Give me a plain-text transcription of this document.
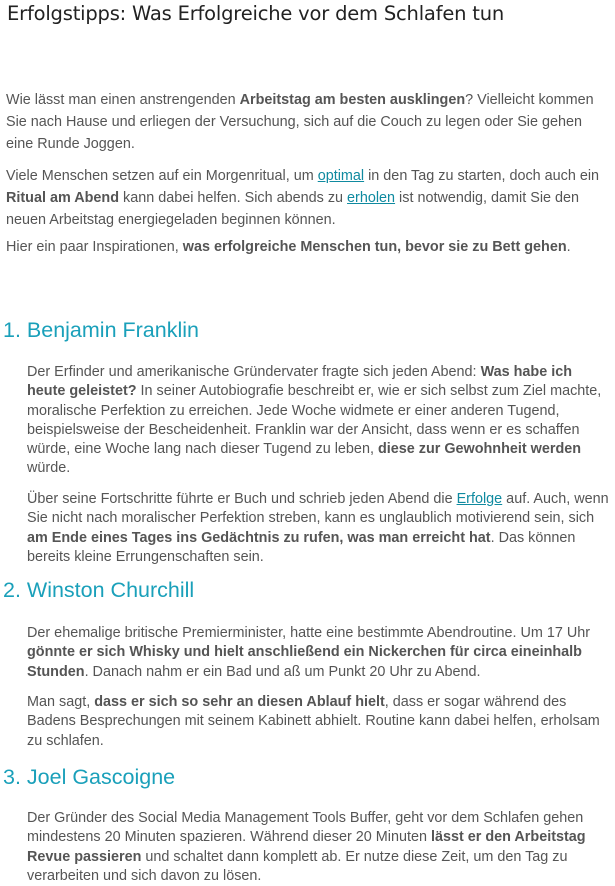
Erfolgstipps: Was Erfolgreiche vor dem Schlafen tun

Wie lässt man einen anstrengenden Arbeitstag am besten ausklingen? Vielleicht kommen Sie nach Hause und erliegen der Versuchung, sich auf die Couch zu legen oder Sie gehen eine Runde Joggen.

Viele Menschen setzen auf ein Morgenritual, um optimal in den Tag zu starten, doch auch ein Ritual am Abend kann dabei helfen. Sich abends zu erholen ist notwendig, damit Sie den neuen Arbeitstag energiegeladen beginnen können.

Hier ein paar Inspirationen, was erfolgreiche Menschen tun, bevor sie zu Bett gehen.

1. Benjamin Franklin

Der Erfinder und amerikanische Gründervater fragte sich jeden Abend: Was habe ich heute geleistet? In seiner Autobiografie beschreibt er, wie er sich selbst zum Ziel machte, moralische Perfektion zu erreichen. Jede Woche widmete er einer anderen Tugend, beispielsweise der Bescheidenheit. Franklin war der Ansicht, dass wenn er es schaffen würde, eine Woche lang nach dieser Tugend zu leben, diese zur Gewohnheit werden würde.

Über seine Fortschritte führte er Buch und schrieb jeden Abend die Erfolge auf. Auch, wenn Sie nicht nach moralischer Perfektion streben, kann es unglaublich motivierend sein, sich am Ende eines Tages ins Gedächtnis zu rufen, was man erreicht hat. Das können bereits kleine Errungenschaften sein.

2. Winston Churchill

Der ehemalige britische Premierminister, hatte eine bestimmte Abendroutine. Um 17 Uhr gönnte er sich Whisky und hielt anschließend ein Nickerchen für circa eineinhalb Stunden. Danach nahm er ein Bad und aß um Punkt 20 Uhr zu Abend.

Man sagt, dass er sich so sehr an diesen Ablauf hielt, dass er sogar während des Badens Besprechungen mit seinem Kabinett abhielt. Routine kann dabei helfen, erholsam zu schlafen.

3. Joel Gascoigne

Der Gründer des Social Media Management Tools Buffer, geht vor dem Schlafen gehen mindestens 20 Minuten spazieren. Während dieser 20 Minuten lässt er den Arbeitstag Revue passieren und schaltet dann komplett ab. Er nutze diese Zeit, um den Tag zu verarbeiten und sich davon zu lösen.
